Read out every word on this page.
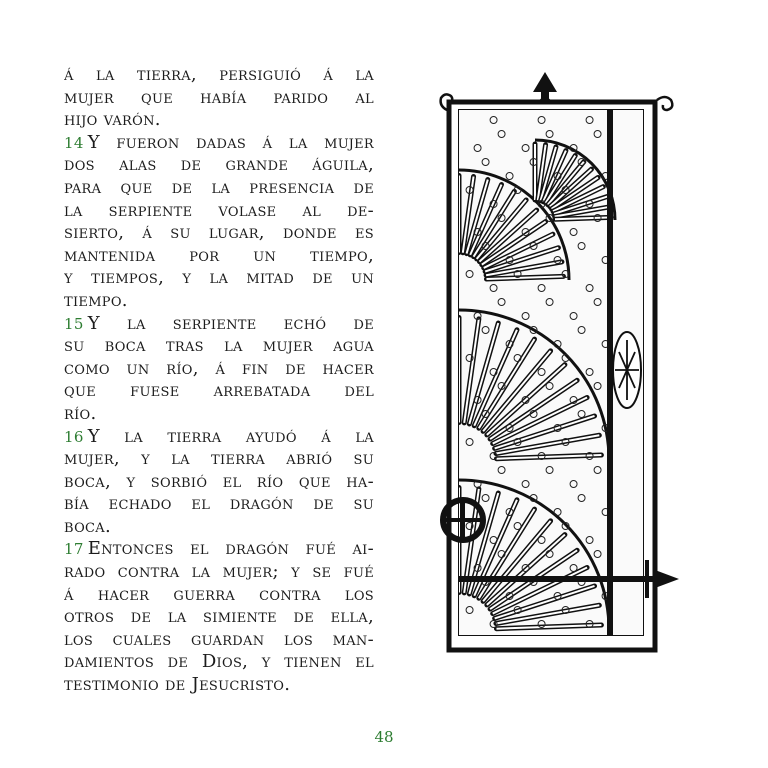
á la tierra, persiguió á la
mujer que había parido al
hijo varón.
14 Y fueron dadas á la mujer
dos alas de grande águila,
para que de la presencia de
la serpiente volase al de-
sierto, á su lugar, donde es
mantenida por un tiempo,
y tiempos, y la mitad de un
tiempo.
15 Y la serpiente echó de
su boca tras la mujer agua
como un río, á fin de hacer
que fuese arrebatada del
río.
16 Y la tierra ayudó á la
mujer, y la tierra abrió su
boca, y sorbió el río que ha-
bía echado el dragón de su
boca.
17 Entonces el dragón fué ai-
rado contra la mujer; y se fué
á hacer guerra contra los
otros de la simiente de ella,
los cuales guardan los man-
damientos de Dios, y tienen el
testimonio de Jesucristo.
48
